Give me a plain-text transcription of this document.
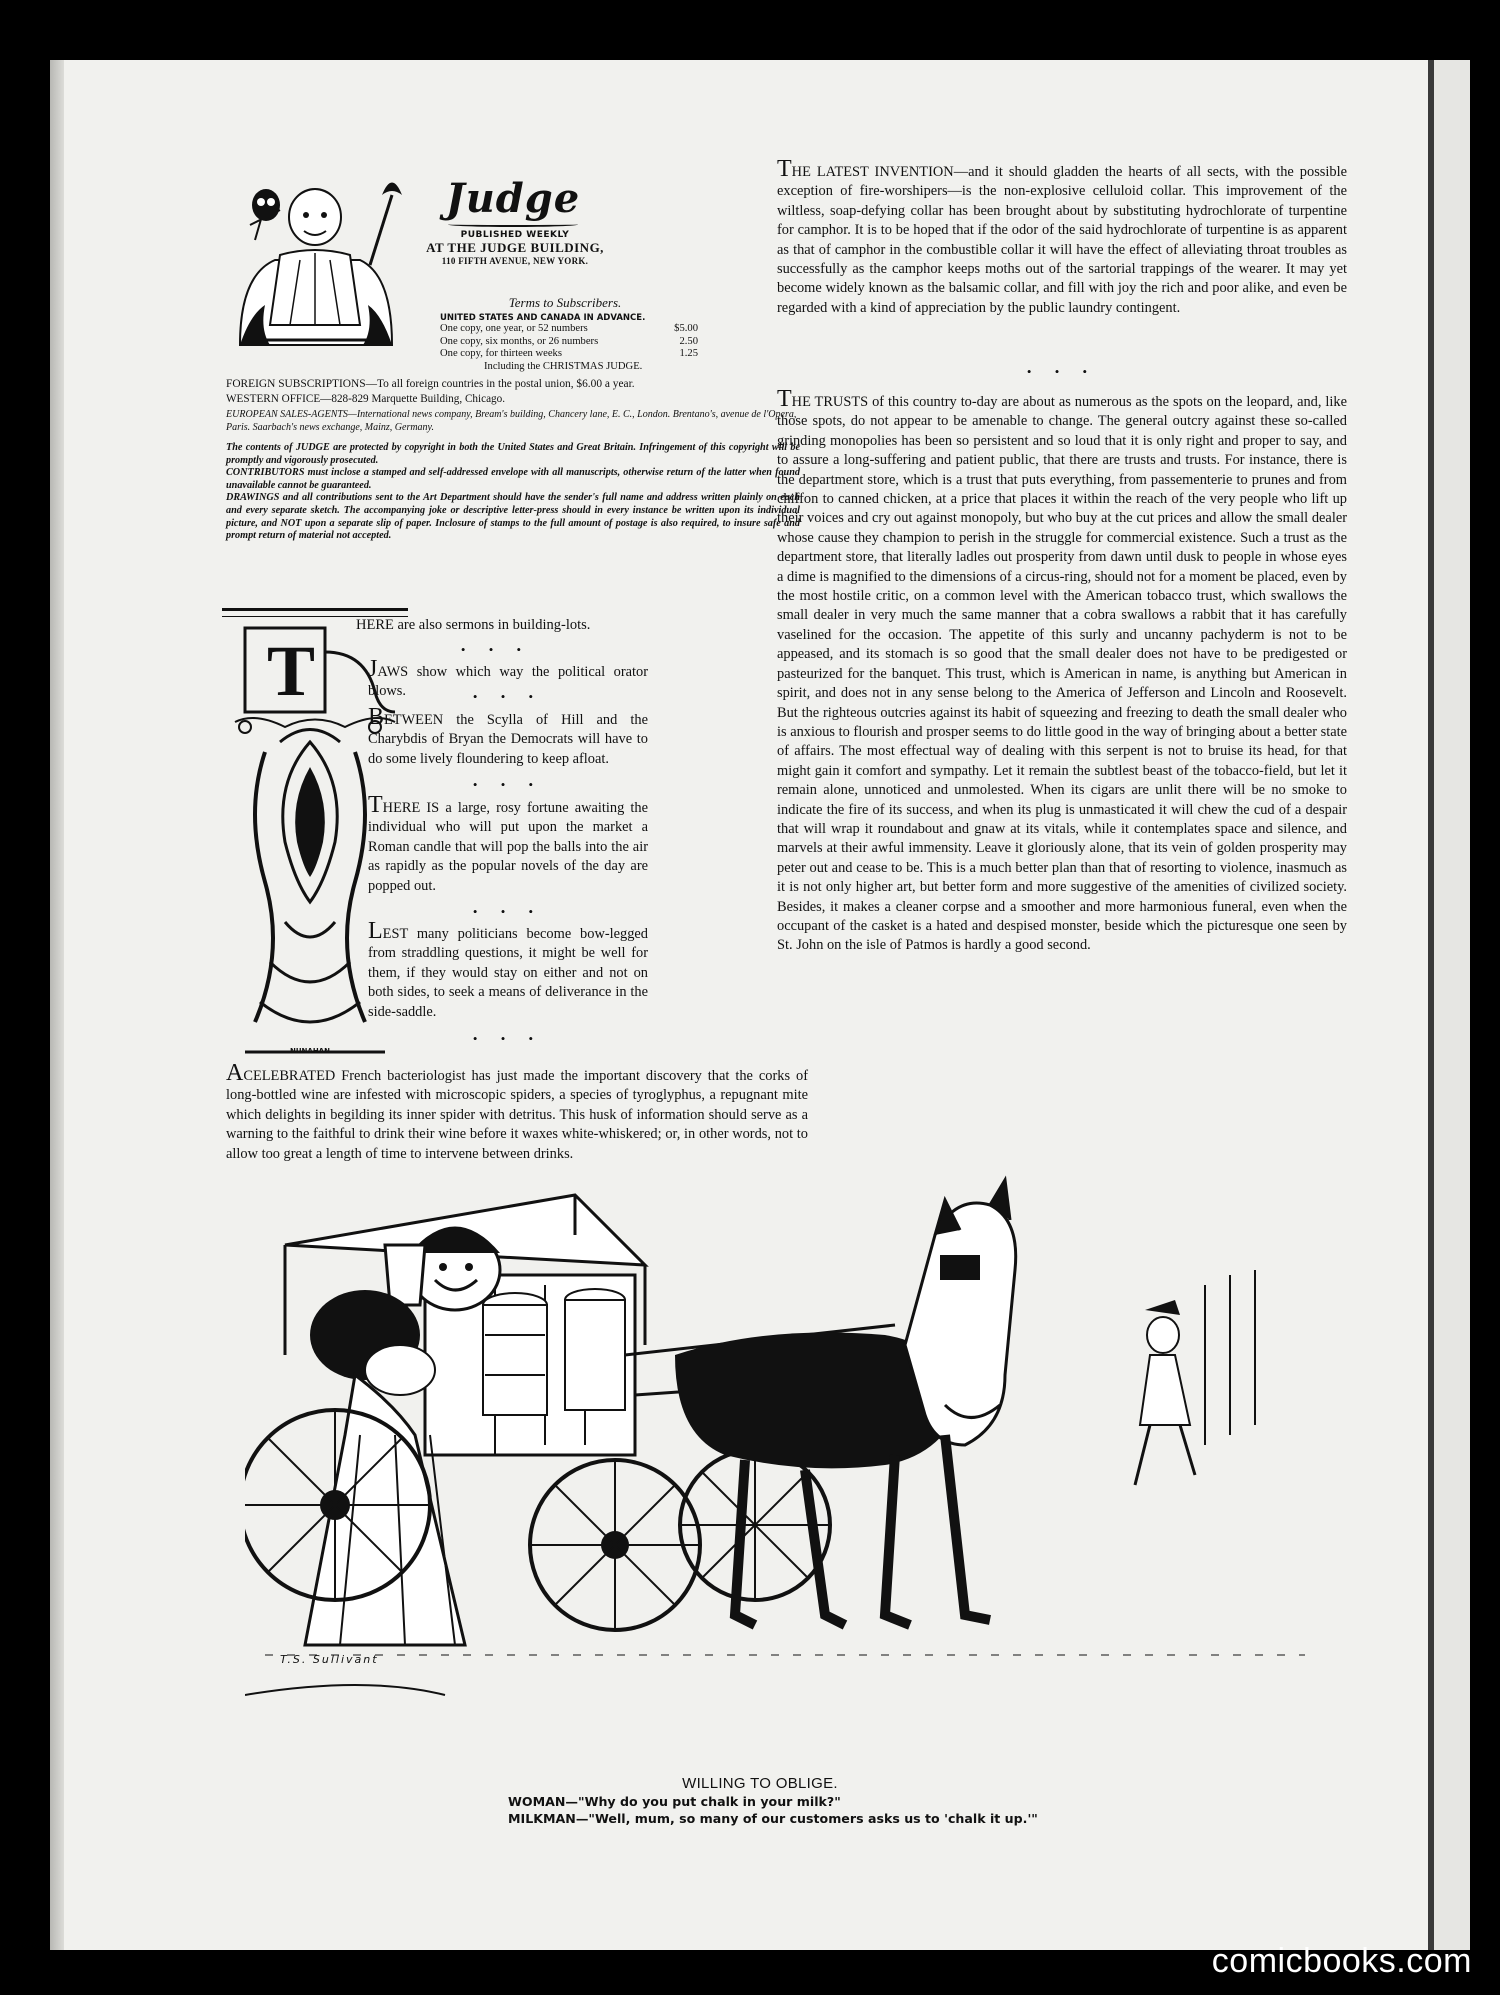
Judge
PUBLISHED WEEKLY
AT THE JUDGE BUILDING,
110 FIFTH AVENUE, NEW YORK.
Terms to Subscribers.
UNITED STATES AND CANADA IN ADVANCE.
One copy, one year, or 52 numbers	$5.00
One copy, six months, or 26 numbers	2.50
One copy, for thirteen weeks	1.25
Including the CHRISTMAS JUDGE.
FOREIGN SUBSCRIPTIONS—To all foreign countries in the postal union, $6.00 a year.
WESTERN OFFICE—828-829 Marquette Building, Chicago.
EUROPEAN SALES-AGENTS—International news company, Bream's building, Chancery lane, E. C., London. Brentano's, avenue de l'Opera, Paris. Saarbach's news exchange, Mainz, Germany.
The contents of JUDGE are protected by copyright in both the United States and Great Britain. Infringement of this copyright will be promptly and vigorously prosecuted.
CONTRIBUTORS must inclose a stamped and self-addressed envelope with all manuscripts, otherwise return of the latter when found unavailable cannot be guaranteed.
DRAWINGS and all contributions sent to the Art Department should have the sender's full name and address written plainly on each and every separate sketch. The accompanying joke or descriptive letter-press should in every instance be written upon its individual picture, and NOT upon a separate slip of paper. Inclosure of stamps to the full amount of postage is also required, to insure safe and prompt return of material not accepted.
T
NUNAHAN
HERE are also sermons in building-lots.
• • •
JAWS show which way the political orator blows.	• • •
BETWEEN the Scylla of Hill and the Charybdis of Bryan the Democrats will have to do some lively floundering to keep afloat.
• • •
THERE IS a large, rosy fortune awaiting the individual who will put upon the market a Roman candle that will pop the balls into the air as rapidly as the popular novels of the day are popped out.
• • •
LEST many politicians become bow-legged from straddling questions, it might be well for them, if they would stay on either and not on both sides, to seek a means of deliverance in the side-saddle.
• • •
ACELEBRATED French bacteriologist has just made the important discovery that the corks of long-bottled wine are infested with microscopic spiders, a species of tyroglyphus, a repugnant mite which delights in begilding its inner spider with detritus. This husk of information should serve as a warning to the faithful to drink their wine before it waxes white-whiskered; or, in other words, not to allow too great a length of time to intervene between drinks.
THE LATEST INVENTION—and it should gladden the hearts of all sects, with the possible exception of fire-worshipers—is the non-explosive celluloid collar. This improvement of the wiltless, soap-defying collar has been brought about by substituting hydrochlorate of turpentine for camphor. It is to be hoped that if the odor of the said hydrochlorate of turpentine is as apparent as that of camphor in the combustible collar it will have the effect of alleviating throat troubles as successfully as the camphor keeps moths out of the sartorial trappings of the wearer. It may yet become widely known as the balsamic collar, and fill with joy the rich and poor alike, and even be regarded with a kind of appreciation by the public laundry contingent.
• • •
THE TRUSTS of this country to-day are about as numerous as the spots on the leopard, and, like those spots, do not appear to be amenable to change. The general outcry against these so-called grinding monopolies has been so persistent and so loud that it is only right and proper to say, and to assure a long-suffering and patient public, that there are trusts and trusts. For instance, there is the department store, which is a trust that puts everything, from passementerie to prunes and from chiffon to canned chicken, at a price that places it within the reach of the very people who lift up their voices and cry out against monopoly, but who buy at the cut prices and allow the small dealer whose cause they champion to perish in the struggle for commercial existence. Such a trust as the department store, that literally ladles out prosperity from dawn until dusk to people in whose eyes a dime is magnified to the dimensions of a circus-ring, should not for a moment be placed, even by the most hostile critic, on a common level with the American tobacco trust, which swallows the small dealer in very much the same manner that a cobra swallows a rabbit that it has carefully vaselined for the occasion. The appetite of this surly and uncanny pachyderm is not to be appeased, and its stomach is so good that the small dealer does not have to be predigested or pasteurized for the banquet. This trust, which is American in name, is anything but American in spirit, and does not in any sense belong to the America of Jefferson and Lincoln and Roosevelt. But the righteous outcries against its habit of squeezing and freezing to death the small dealer who is anxious to flourish and prosper seems to do little good in the way of bringing about a better state of affairs. The most effectual way of dealing with this serpent is not to bruise its head, for that might gain it comfort and sympathy. Let it remain the subtlest beast of the tobacco-field, but let it remain alone, unnoticed and unmolested. When its cigars are unlit there will be no smoke to indicate the fire of its success, and when its plug is unmasticated it will chew the cud of a despair that will wrap it roundabout and gnaw at its vitals, while it contemplates space and silence, and marvels at their awful immensity. Leave it gloriously alone, that its vein of golden prosperity may peter out and cease to be. This is a much better plan than that of resorting to violence, inasmuch as it is not only higher art, but better form and more suggestive of the amenities of civilized society. Besides, it makes a cleaner corpse and a smoother and more harmonious funeral, even when the occupant of the casket is a hated and despised monster, beside which the picturesque one seen by St. John on the isle of Patmos is hardly a good second.
T.S. Sullivant
WILLING TO OBLIGE.
WOMAN—"Why do you put chalk in your milk?"
MILKMAN—"Well, mum, so many of our customers asks us to 'chalk it up.'"
comicbooks.com
